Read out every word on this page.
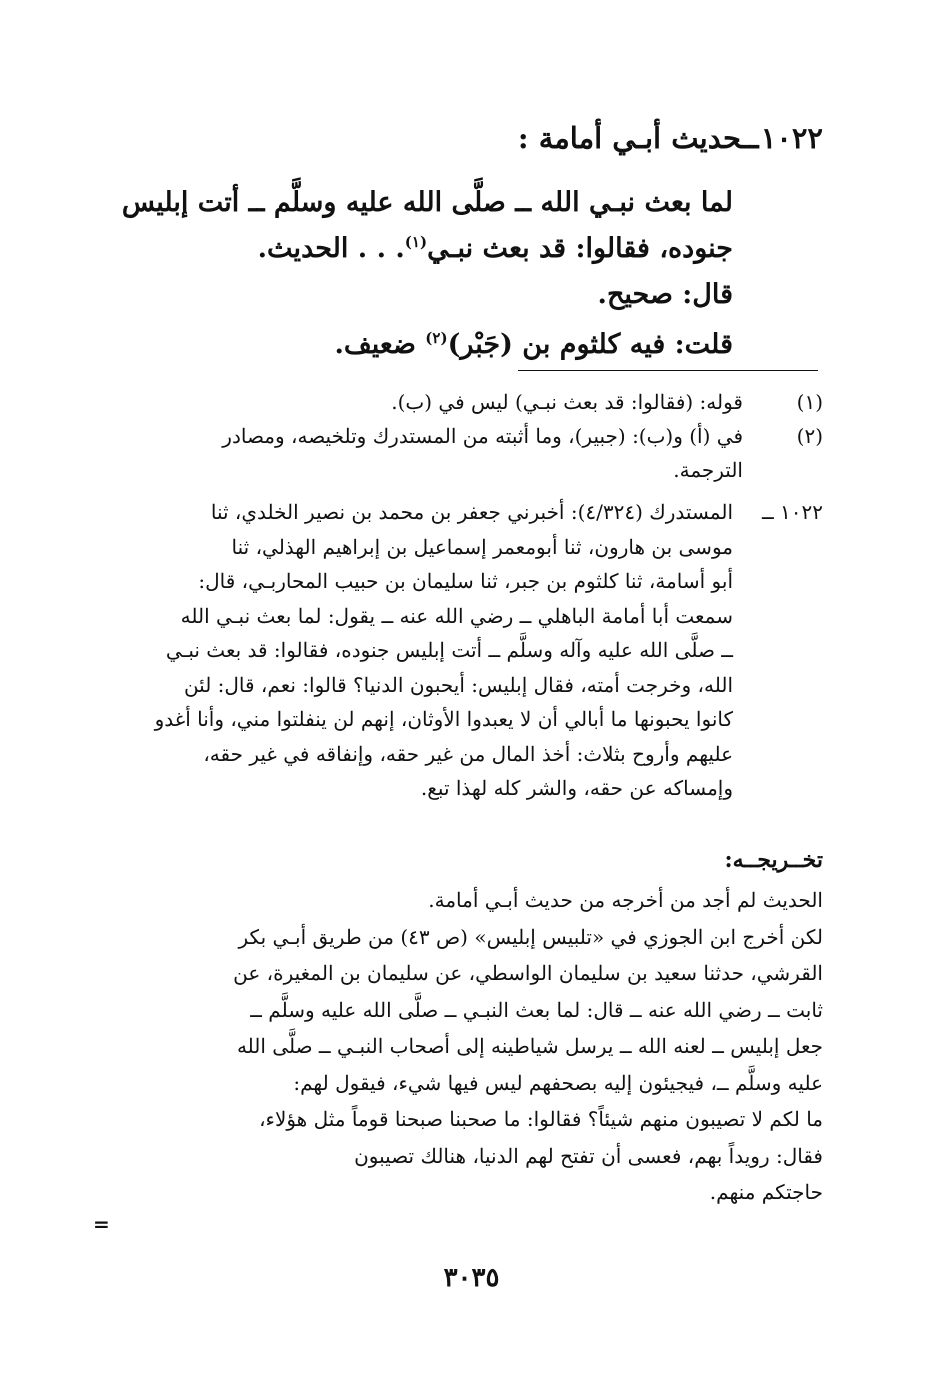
١٠٢٢ــحديث أبـي أمامة :
لما بعث نبـي الله ــ صلَّى الله عليه وسلَّم ــ أتت إبليس
جنوده، فقالوا: قد بعث نبـي$^{(١)}$. . . الحديث.
قال: صحيح.
قلت: فيه كلثوم بن (جَبْر)$^{(٢)}$ ضعيف.
(١)
قوله: (فقالوا: قد بعث نبـي) ليس في (ب).
(٢)
في (أ) و(ب): (جبير)، وما أثبته من المستدرك وتلخيصه، ومصادر
الترجمة.
١٠٢٢ ــ
المستدرك (٤/٣٢٤): أخبرني جعفر بن محمد بن نصير الخلدي، ثنا
موسى بن هارون، ثنا أبومعمر إسماعيل بن إبراهيم الهذلي، ثنا
أبو أسامة، ثنا كلثوم بن جبر، ثنا سليمان بن حبيب المحاربـي، قال:
سمعت أبا أمامة الباهلي ــ رضي الله عنه ــ يقول: لما بعث نبـي الله
ــ صلَّى الله عليه وآله وسلَّم ــ أتت إبليس جنوده، فقالوا: قد بعث نبـي
الله، وخرجت أمته، فقال إبليس: أيحبون الدنيا؟ قالوا: نعم، قال: لئن
كانوا يحبونها ما أبالي أن لا يعبدوا الأوثان، إنهم لن ينفلتوا مني، وأنا أغدو
عليهم وأروح بثلاث: أخذ المال من غير حقه، وإنفاقه في غير حقه،
وإمساكه عن حقه، والشر كله لهذا تبع.
تخــريجــه:
الحديث لم أجد من أخرجه من حديث أبـي أمامة.
لكن أخرج ابن الجوزي في «تلبيس إبليس» (ص ٤٣) من طريق أبـي بكر
القرشي، حدثنا سعيد بن سليمان الواسطي، عن سليمان بن المغيرة، عن
ثابت ــ رضي الله عنه ــ قال: لما بعث النبـي ــ صلَّى الله عليه وسلَّم ــ
جعل إبليس ــ لعنه الله ــ يرسل شياطينه إلى أصحاب النبـي ــ صلَّى الله
عليه وسلَّم ــ، فيجيئون إليه بصحفهم ليس فيها شيء، فيقول لهم:
ما لكم لا تصيبون منهم شيئاً؟ فقالوا: ما صحبنا صبحنا قوماً مثل هؤلاء،
فقال: رويداً بهم، فعسى أن تفتح لهم الدنيا، هنالك تصيبون
حاجتكم منهم.
=
٣٠٣٥
